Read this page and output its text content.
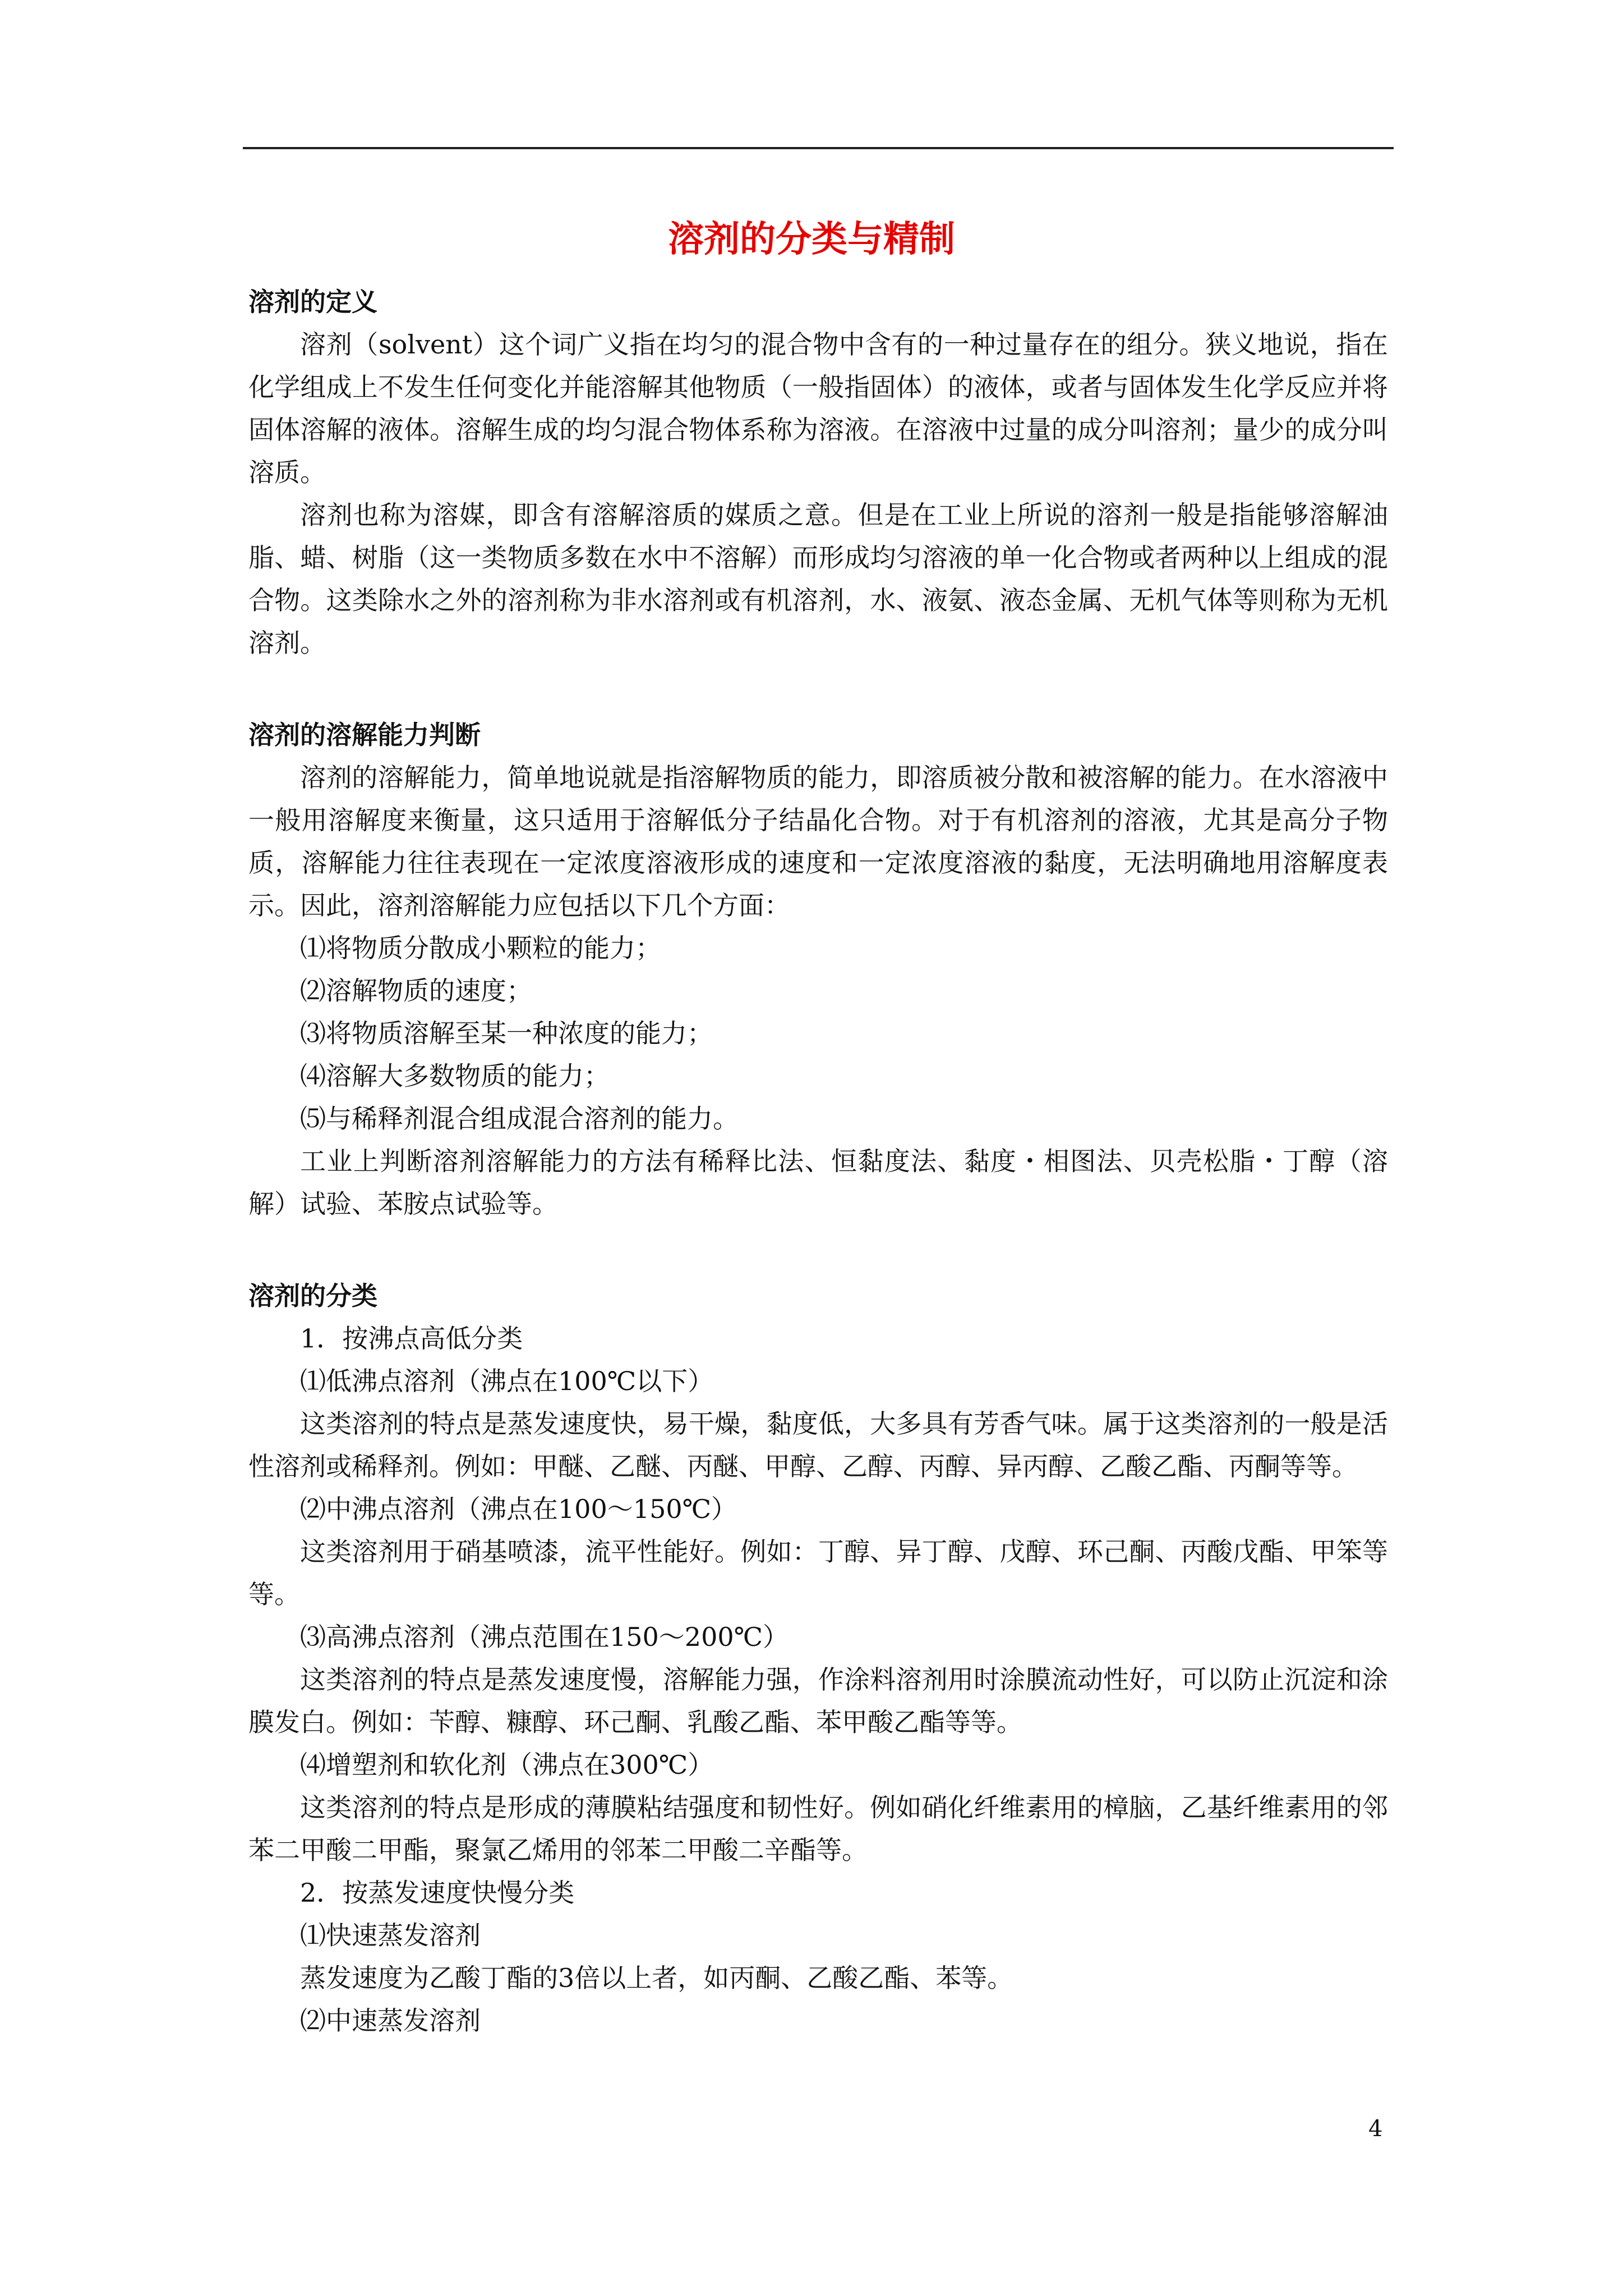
溶剂的分类与精制
溶剂的定义

溶剂（solvent）这个词广义指在均匀的混合物中含有的一种过量存在的组分。狭义地说，指在化学组成上不发生任何变化并能溶解其他物质（一般指固体）的液体，或者与固体发生化学反应并将固体溶解的液体。溶解生成的均匀混合物体系称为溶液。在溶液中过量的成分叫溶剂；量少的成分叫溶质。

溶剂也称为溶媒，即含有溶解溶质的媒质之意。但是在工业上所说的溶剂一般是指能够溶解油脂、蜡、树脂（这一类物质多数在水中不溶解）而形成均匀溶液的单一化合物或者两种以上组成的混合物。这类除水之外的溶剂称为非水溶剂或有机溶剂，水、液氨、液态金属、无机气体等则称为无机溶剂。

溶剂的溶解能力判断

溶剂的溶解能力，简单地说就是指溶解物质的能力，即溶质被分散和被溶解的能力。在水溶液中一般用溶解度来衡量，这只适用于溶解低分子结晶化合物。对于有机溶剂的溶液，尤其是高分子物质，溶解能力往往表现在一定浓度溶液形成的速度和一定浓度溶液的黏度，无法明确地用溶解度表示。因此，溶剂溶解能力应包括以下几个方面：

⑴将物质分散成小颗粒的能力；

⑵溶解物质的速度；

⑶将物质溶解至某一种浓度的能力；

⑷溶解大多数物质的能力；

⑸与稀释剂混合组成混合溶剂的能力。

工业上判断溶剂溶解能力的方法有稀释比法、恒黏度法、黏度・相图法、贝壳松脂・丁醇（溶解）试验、苯胺点试验等。

溶剂的分类

1．按沸点高低分类

⑴低沸点溶剂（沸点在100℃以下）

这类溶剂的特点是蒸发速度快，易干燥，黏度低，大多具有芳香气味。属于这类溶剂的一般是活性溶剂或稀释剂。例如：甲醚、乙醚、丙醚、甲醇、乙醇、丙醇、异丙醇、乙酸乙酯、丙酮等等。

⑵中沸点溶剂（沸点在100～150℃）

这类溶剂用于硝基喷漆，流平性能好。例如：丁醇、异丁醇、戊醇、环己酮、丙酸戊酯、甲笨等等。

⑶高沸点溶剂（沸点范围在150～200℃）

这类溶剂的特点是蒸发速度慢，溶解能力强，作涂料溶剂用时涂膜流动性好，可以防止沉淀和涂膜发白。例如：苄醇、糠醇、环己酮、乳酸乙酯、苯甲酸乙酯等等。

⑷增塑剂和软化剂（沸点在300℃）

这类溶剂的特点是形成的薄膜粘结强度和韧性好。例如硝化纤维素用的樟脑，乙基纤维素用的邻苯二甲酸二甲酯，聚氯乙烯用的邻苯二甲酸二辛酯等。

2．按蒸发速度快慢分类

⑴快速蒸发溶剂

蒸发速度为乙酸丁酯的3倍以上者，如丙酮、乙酸乙酯、苯等。

⑵中速蒸发溶剂

4
